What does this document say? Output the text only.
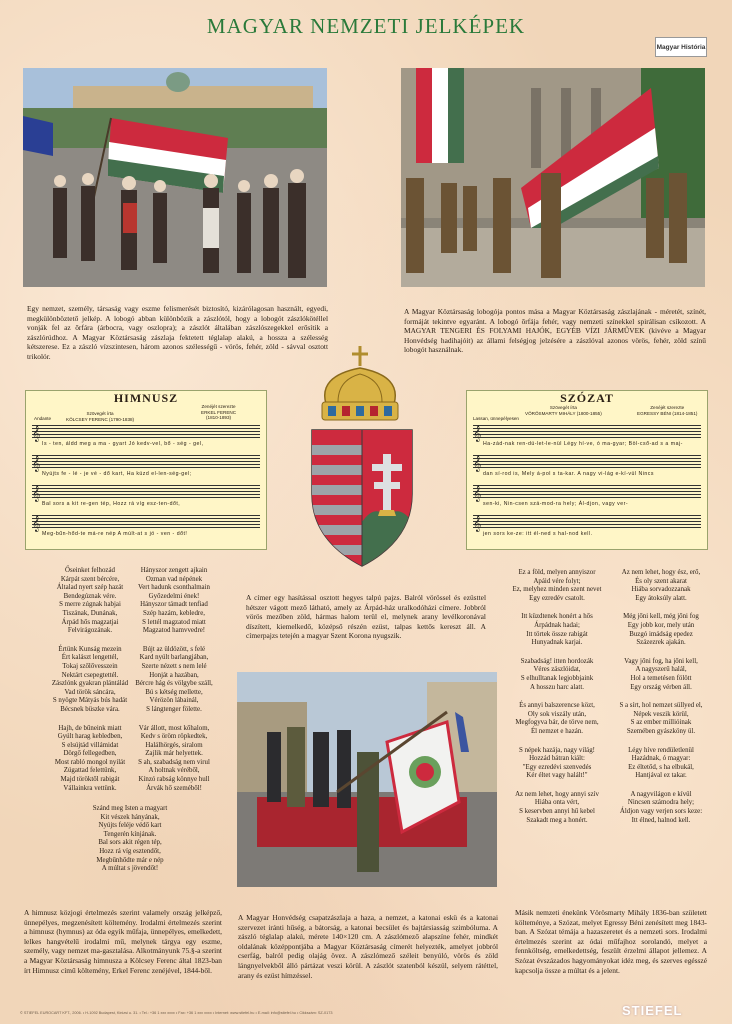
MAGYAR NEMZETI JELKÉPEK
Magyar História

Egy nemzet, személy, társaság vagy eszme felismerését biztosító, kizárólagosan használt, egyedi, megkülönböztető jelkép. A lobogó abban különbözik a zászlótól, hogy a lobogót zászlókötéllel vonják fel az ōrfára (árbocra, vagy oszlopra); a zászlót általában zászlószegekkel erősítik a zászlórúdhoz. A Magyar Köztársaság zászlaja fektetett téglalap alakú, a hossza a szélesség kétszerese. Ez a zászló vízszintesen, három azonos szélességű - vörös, fehér, zöld - sávval osztott trikolór.

A Magyar Köztársaság lobogója pontos mása a Magyar Köztársaság zászlajának - méretét, színét, formáját tekintve egyaránt. A lobogó ōrfája fehér, vagy nemzeti színekkel spirálisan csíkozott. A MAGYAR TENGERI ÉS FOLYAMI HAJÓK, EGYÉB VÍZI JÁRMŰVEK (kivéve a Magyar Honvédség hadihajóit) az állami felségjog jelzésére a zászlóval azonos vörös, fehér, zöld színű lobogót használnak.

HIMNUSZ
Szövegét írta
KÖLCSEY FERENC (1790-1838)
Zenéjét szerezte
ERKEL FERENC
(1810-1893)
Andante
Is - ten, áldd meg a ma - gyart Jó kedv-vel, bő - ség - gel,
Nyújts fe - lé - je vé - dő kart, Ha küzd el-len-ség-gel;
Bal sors a kit re-gen tép, Hozz rá víg esz-ten-dőt,
Meg-bűn-hőd-te má-re nép A múlt-at s jö - ven - dőt!
𝄞
𝄞
𝄞
𝄞
SZÓZAT
Szövegét írta
VÖRÖSMARTY MIHÁLY (1800-1855)
Zenéjét szerezte
EGRESSY BÉNI (1814-1851)
Lassan, ünnepélyesen
Ha-zád-nak ren-dü-let-le-nül Légy hí-ve, ó ma-gyar; Böl-cső-ad s a maj-
dan sí-rod is, Mely á-pol s ta-kar. A nagy vi-lág e-kí-vül Nincs
sen-ki, Nin-csen szá-mod-ra hely; Ál-djon, vagy ver-
jen sors ke-ze: itt él-ned s hal-nod kell.
𝄞
𝄞
𝄞
𝄞
Őseinket felhozád
Kárpát szent bércére,
Általad nyert szép hazát
Bendegúznak vére.
S merre zúgnak habjai
Tiszának, Dunának,
Árpád hős magzatjai
Felvirágozának.
Értünk Kunság mezein
Ért kalászt lengettél,
Tokaj szőlővesszein
Nektárt csepegtettél.
Zászlónk gyakran plántálád
Vad török sáncára,
S nyögte Mátyás bús hadát
Bécsnek büszke vára.
Hajh, de bűneink miatt
Gyúlt harag kebledben,
S elsújtád villámidat
Dörgő fellegedben,
Most rabló mongol nyilát
Zúgattad felettünk,
Majd töröktől rabigát
Vállainkra vettünk.
Hányszor zengett ajkain
Ozman vad népének
Vert hadunk csonthalmain
Győzedelmi ének!
Hányszor támadt tenfiad
Szép hazám, kebledre,
S lettél magzatod miatt
Magzatod hamvvedre!
Bújt az üldözött, s felé
Kard nyúlt barlangjában,
Szerte nézett s nem lelé
Honját a hazában,
Bércre hág és völgybe száll,
Bú s kétség mellette,
Vérözön lábainál,
S lángtenger fölette.
Vár állott, most kőhalom,
Kedv s öröm röpkedtek,
Halálhörgés, siralom
Zajlik már helyettek.
S ah, szabadság nem virul
A holtnak véréből,
Kínzó rabság könnye hull
Árvák hő szeméből!
Szánd meg Isten a magyart
Kit vészek hányának,
Nyújts feléje védő kart
Tengerén kínjának.
Bal sors akit régen tép,
Hozz rá víg esztendőt,
Megbűnhődte már e nép
A múltat s jövendőt!

A címer egy hasítással osztott hegyes talpú pajzs. Balról vörössel és ezüsttel hétszer vágott mező látható, amely az Árpád-ház uralkodóházi címere. Jobbról vörös mezőben zöld, hármas halom terül el, melynek arany levélkoronával díszített, kiemelkedő, középső részén ezüst, talpas kettős kereszt áll. A címerpajzs tetején a magyar Szent Korona nyugszik.

Ez a föld, melyen annyiszor
Apáid vére folyt;
Ez, melyhez minden szent nevet
Egy ezredév csatolt.
Itt küzdtenek honért a hős
Árpádnak hadai;
Itt törtek össze rabigát
Hunyadnak karjai.
Szabadság! itten hordozák
Véres zászlóidat,
S elhulltanak legjobbjaink
A hosszu harc alatt.
És annyi balszerencse közt,
Oly sok viszály után,
Megfogyva bár, de törve nem,
Él nemzet e hazán.
S népek hazája, nagy világ!
Hozzád bátran kiált:
"Egy ezredévi szenvedés
Kér éltet vagy halált!"
Az nem lehet, hogy annyi szív
Hiába onta vért,
S keservben annyi hű kebel
Szakadt meg a honért.
Az nem lehet, hogy ész, erő,
És oly szent akarat
Hiába sorvadozzanak
Egy átoksúly alatt.
Még jőni kell, még jőni fog
Egy jobb kor, mely után
Buzgó imádság epedez
Százezrek ajakán.
Vagy jőni fog, ha jőni kell,
A nagyszerű halál,
Hol a temetésen fölött
Egy ország vérben áll.
S a sírt, hol nemzet süllyed el,
Népek veszik körül,
S az ember millióinak
Szemében gyászköny ül.
Légy híve rendületlenül
Hazádnak, ó magyar:
Ez éltetőd, s ha elbukál,
Hantjával ez takar.
A nagyvilágon e kívül
Nincsen számodra hely;
Áldjon vagy verjen sors keze:
Itt élned, halnod kell.

A himnusz közjogi értelmezés szerint valamely ország jelképző, ünnepélyes, megzenésített költemény. Irodalmi értelmezés szerint a himnusz (hymnus) az óda egyik műfaja, ünnepélyes, emelkedett, lelkes hangvételű irodalmi mű, melynek tárgya egy eszme, személy, vagy nemzet ma-gasztalása. Alkotmányunk 75.§-a szerint a Magyar Köztársaság himnusza a Kölcsey Ferenc által 1823-ban írt Himnusz című költemény, Erkel Ferenc zenéjével, 1844-ből.

A Magyar Honvédség csapatzászlaja a haza, a nemzet, a katonai eskü és a katonai szervezet iránti hűség, a bátorság, a katonai becsület és bajtársiasság szimbóluma. A zászló téglalap alakú, mérete 140×120 cm. A zászlómező alapszíne fehér, mindkét oldalának középpontjába a Magyar Köztársaság címerét helyezték, amelyet jobbról cserfág, balról pedig olajág övez. A zászlómező széleit benyúló, vörös és zöld lángnyelvekből álló pártázat veszi körül. A zászlót szatenból készül, selyem rátéttel, arany és ezüst hímzéssel.

Másik nemzeti énekünk Vörösmarty Mihály 1836-ban született költeménye, a Szózat, melyet Egressy Béni zenésített meg 1843-ban. A Szózat témája a hazaszeretet és a nemzeti sors. Irodalmi értelmezés szerint az ódai műfajhoz sorolandó, melyet a fennköltség, emelkedettség, feszült érzelmi állapot jellemez. A Szózat évszázados hagyományokat idéz meg, és szerves egésszé kapcsolja össze a múltat és a jelent.

© STIEFEL EUROCART KFT., 2006. • H-1092 Budapest, Kinizsi u. 31. • Tel.: +36 1 xxx xxxx • Fax: +36 1 xxx xxxx • Internet: www.stiefel.hu • E-mail: info@stiefel.hu • Cikkszám: SZ-0173	STIEFEL
